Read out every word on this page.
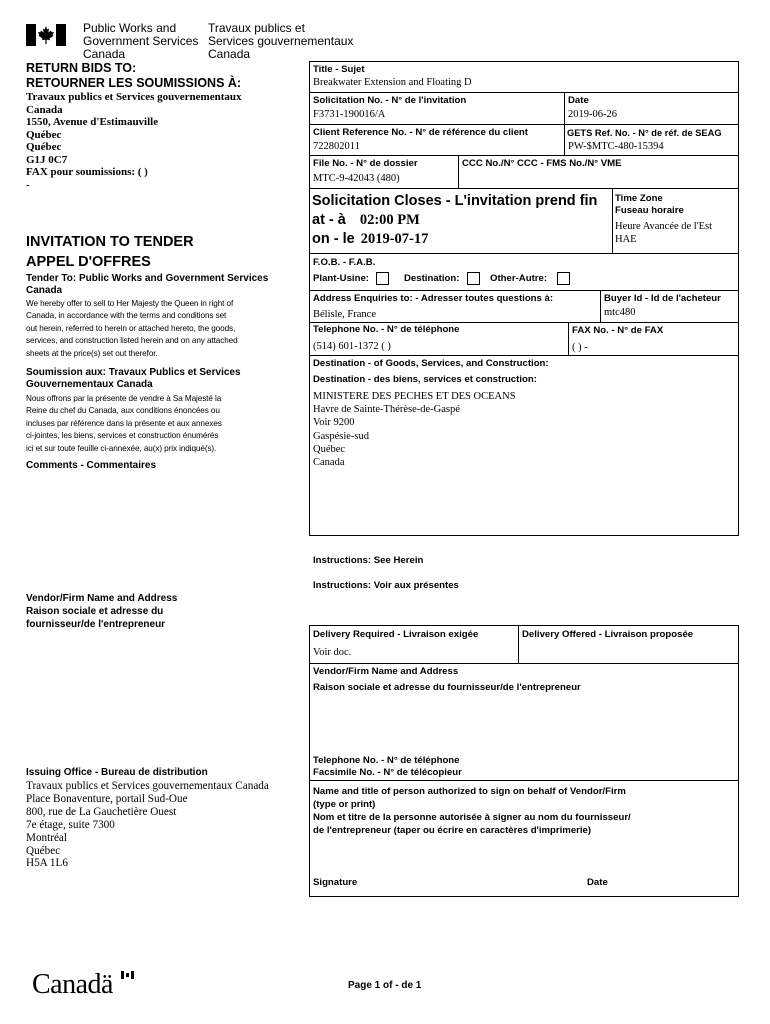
Public Works and
Government Services
Canada
Travaux publics et
Services gouvernementaux
Canada
RETURN BIDS TO:
RETOURNER LES SOUMISSIONS À:
Travaux publics et Services gouvernementaux
Canada
1550, Avenue d'Estimauville
Québec
Québec
G1J 0C7
FAX pour soumissions: ( )
-
INVITATION TO TENDER
APPEL D'OFFRES
Tender To: Public Works and Government Services Canada
We hereby offer to sell to Her Majesty the Queen in right of
Canada, in accordance with the terms and conditions set
out herein, referred to herein or attached hereto, the goods,
services, and construction listed herein and on any attached
sheets at the price(s) set out therefor.
Soumission aux: Travaux Publics et Services Gouvernementaux Canada
Nous offrons par la présente de vendre à Sa Majesté la
Reine du chef du Canada, aux conditions énoncées ou
incluses par référence dans la présente et aux annexes
ci-jointes, les biens, services et construction énumérés
ici et sur toute feuille ci-annexée, au(x) prix indiqué(s).
Comments - Commentaires
Vendor/Firm Name and Address
Raison sociale et adresse du
fournisseur/de l'entrepreneur
Issuing Office - Bureau de distribution
Travaux publics et Services gouvernementaux Canada
Place Bonaventure, portail Sud-Oue
800, rue de La Gauchetière Ouest
7e étage, suite 7300
Montréal
Québec
H5A 1L6
Title - Sujet
Breakwater Extension and Floating D
Solicitation No. - N° de l'invitation
F3731-190016/A
Date
2019-06-26
Client Reference No. - N° de référence du client
722802011
GETS Ref. No. - N° de réf. de SEAG
PW-$MTC-480-15394
File No. - N° de dossier
MTC-9-42043 (480)
CCC No./N° CCC - FMS No./N° VME
Solicitation Closes - L'invitation prend fin
at - à 02:00 PM
on - le 2019-07-17
Time Zone
Fuseau horaire
Heure Avancée de l'Est
HAE
F.O.B. - F.A.B.
Plant-Usine:	Destination:	Other-Autre:
Address Enquiries to: - Adresser toutes questions à:
Bélisle, France
Buyer Id - Id de l'acheteur
mtc480
Telephone No. - N° de téléphone
(514) 601-1372 ( )
FAX No. - N° de FAX
( ) -
Destination - of Goods, Services, and Construction:
Destination - des biens, services et construction:
MINISTERE DES PECHES ET DES OCEANS
Havre de Sainte-Thérèse-de-Gaspé
Voir 9200
Gaspésie-sud
Québec
Canada
Instructions: See Herein
Instructions: Voir aux présentes
Delivery Required - Livraison exigée
Voir doc.
Delivery Offered - Livraison proposée
Vendor/Firm Name and Address
Raison sociale et adresse du fournisseur/de l'entrepreneur
Telephone No. - N° de téléphone
Facsimile No. - N° de télécopieur
Name and title of person authorized to sign on behalf of Vendor/Firm
(type or print)
Nom et titre de la personne autorisée à signer au nom du fournisseur/
de l'entrepreneur (taper ou écrire en caractères d'imprimerie)
Signature	Date
Canadä	Page 1 of - de 1
